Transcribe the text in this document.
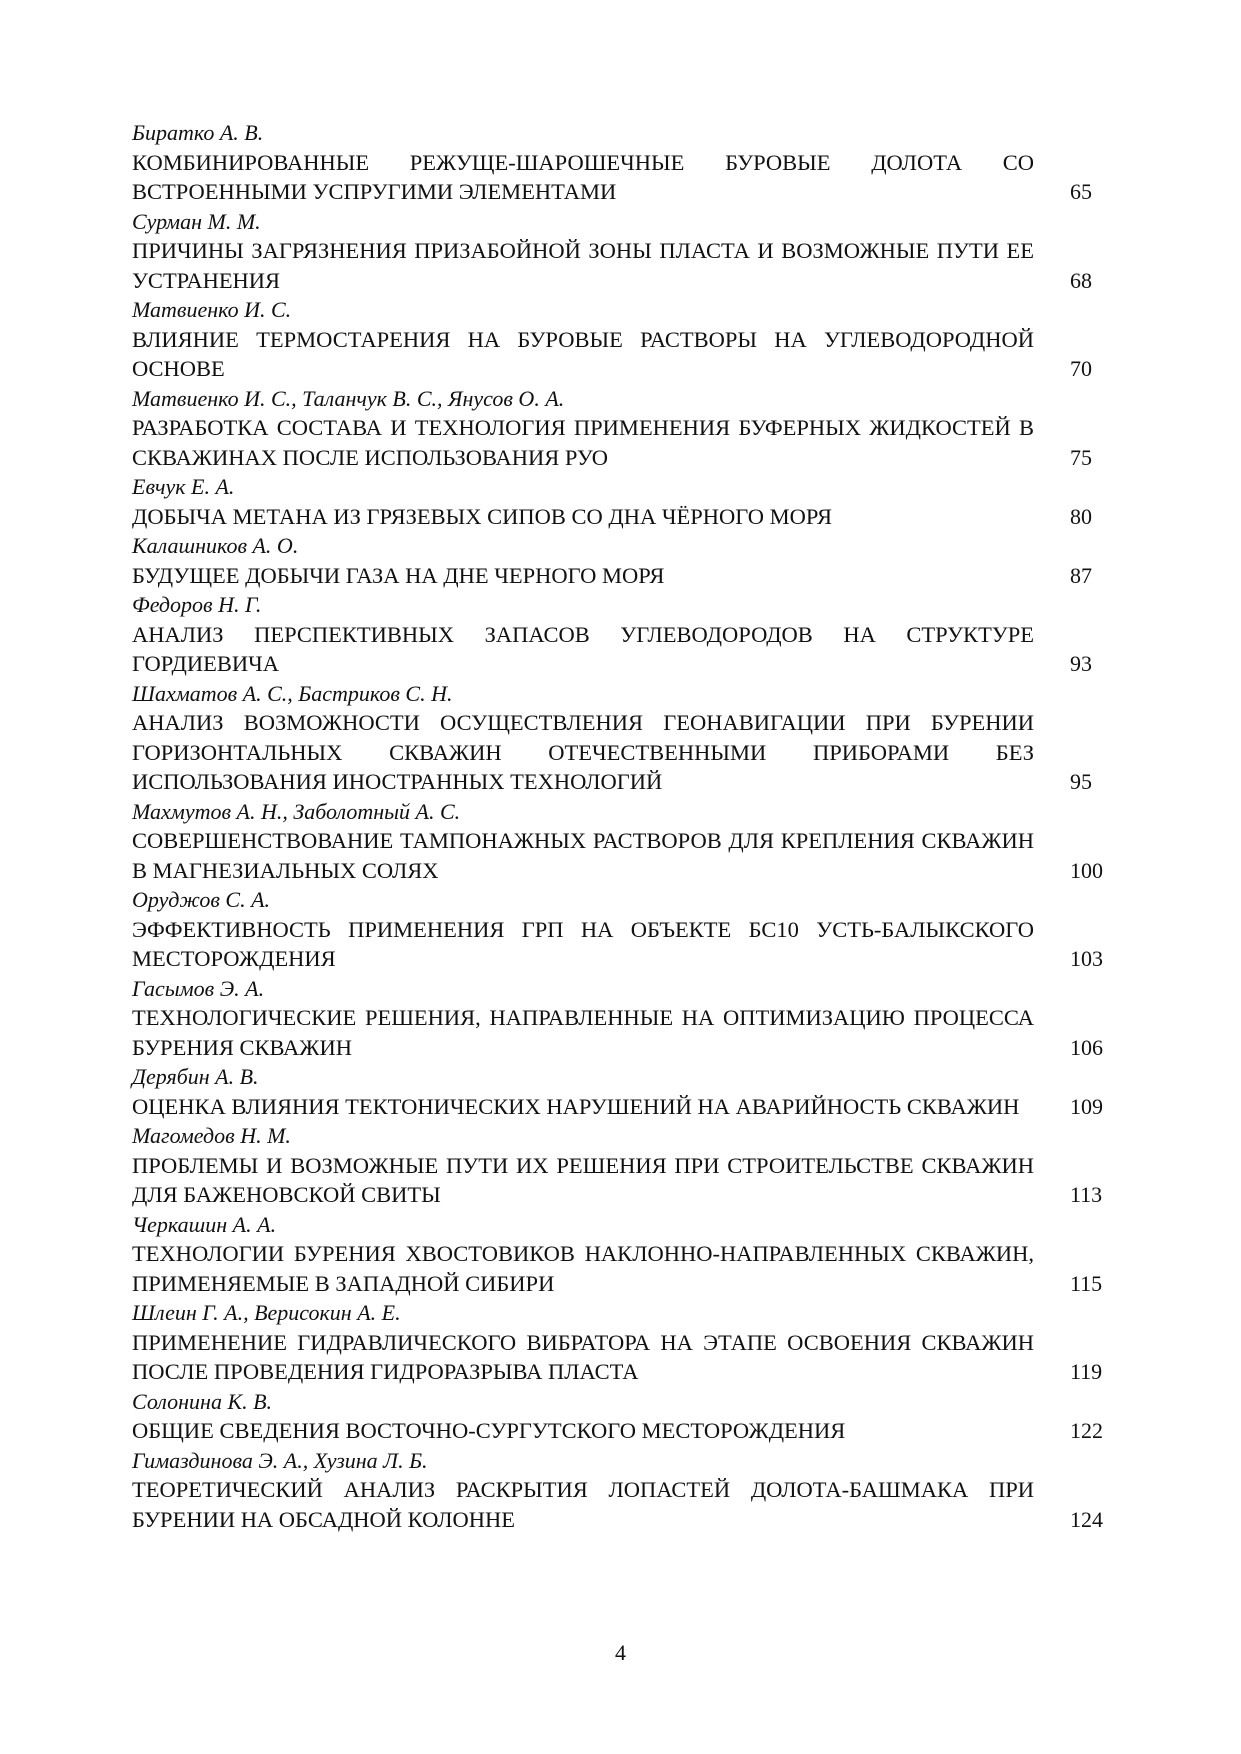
Биратко А. В.
КОМБИНИРОВАННЫЕ РЕЖУЩЕ-ШАРОШЕЧНЫЕ БУРОВЫЕ ДОЛОТА СО ВСТРОЕННЫМИ УСПРУГИМИ ЭЛЕМЕНТАМИ	65
Сурман М. М.
ПРИЧИНЫ ЗАГРЯЗНЕНИЯ ПРИЗАБОЙНОЙ ЗОНЫ ПЛАСТА И ВОЗМОЖНЫЕ ПУТИ ЕЕ УСТРАНЕНИЯ	68
Матвиенко И. С.
ВЛИЯНИЕ ТЕРМОСТАРЕНИЯ НА БУРОВЫЕ РАСТВОРЫ НА УГЛЕВОДОРОДНОЙ ОСНОВЕ	70
Матвиенко И. С., Таланчук В. С., Янусов О. А.
РАЗРАБОТКА СОСТАВА И ТЕХНОЛОГИЯ ПРИМЕНЕНИЯ БУФЕРНЫХ ЖИДКОСТЕЙ В СКВАЖИНАХ ПОСЛЕ ИСПОЛЬЗОВАНИЯ РУО	75
Евчук Е. А.
ДОБЫЧА МЕТАНА ИЗ ГРЯЗЕВЫХ СИПОВ СО ДНА ЧЁРНОГО МОРЯ	80
Калашников А. О.
БУДУЩЕЕ ДОБЫЧИ ГАЗА НА ДНЕ ЧЕРНОГО МОРЯ	87
Федоров Н. Г.
АНАЛИЗ ПЕРСПЕКТИВНЫХ ЗАПАСОВ УГЛЕВОДОРОДОВ НА СТРУКТУРЕ ГОРДИЕВИЧА	93
Шахматов А. С., Бастриков С. Н.
АНАЛИЗ ВОЗМОЖНОСТИ ОСУЩЕСТВЛЕНИЯ ГЕОНАВИГАЦИИ ПРИ БУРЕНИИ ГОРИЗОНТАЛЬНЫХ СКВАЖИН ОТЕЧЕСТВЕННЫМИ ПРИБОРАМИ БЕЗ ИСПОЛЬЗОВАНИЯ ИНОСТРАННЫХ ТЕХНОЛОГИЙ	95
Махмутов А. Н., Заболотный А. С.
СОВЕРШЕНСТВОВАНИЕ ТАМПОНАЖНЫХ РАСТВОРОВ ДЛЯ КРЕПЛЕНИЯ СКВАЖИН В МАГНЕЗИАЛЬНЫХ СОЛЯХ	100
Оруджов С. А.
ЭФФЕКТИВНОСТЬ ПРИМЕНЕНИЯ ГРП НА ОБЪЕКТЕ БС10 УСТЬ-БАЛЫКСКОГО МЕСТОРОЖДЕНИЯ	103
Гасымов Э. А.
ТЕХНОЛОГИЧЕСКИЕ РЕШЕНИЯ, НАПРАВЛЕННЫЕ НА ОПТИМИЗАЦИЮ ПРОЦЕССА БУРЕНИЯ СКВАЖИН	106
Дерябин А. В.
ОЦЕНКА ВЛИЯНИЯ ТЕКТОНИЧЕСКИХ НАРУШЕНИЙ НА АВАРИЙНОСТЬ СКВАЖИН	109
Магомедов Н. М.
ПРОБЛЕМЫ И ВОЗМОЖНЫЕ ПУТИ ИХ РЕШЕНИЯ ПРИ СТРОИТЕЛЬСТВЕ СКВАЖИН ДЛЯ БАЖЕНОВСКОЙ СВИТЫ	113
Черкашин А. А.
ТЕХНОЛОГИИ БУРЕНИЯ ХВОСТОВИКОВ НАКЛОННО-НАПРАВЛЕННЫХ СКВАЖИН, ПРИМЕНЯЕМЫЕ В ЗАПАДНОЙ СИБИРИ	115
Шлеин Г. А., Верисокин А. Е.
ПРИМЕНЕНИЕ ГИДРАВЛИЧЕСКОГО ВИБРАТОРА НА ЭТАПЕ ОСВОЕНИЯ СКВАЖИН ПОСЛЕ ПРОВЕДЕНИЯ ГИДРОРАЗРЫВА ПЛАСТА	119
Солонина К. В.
ОБЩИЕ СВЕДЕНИЯ ВОСТОЧНО-СУРГУТСКОГО МЕСТОРОЖДЕНИЯ	122
Гимаздинова Э. А., Хузина Л. Б.
ТЕОРЕТИЧЕСКИЙ АНАЛИЗ РАСКРЫТИЯ ЛОПАСТЕЙ ДОЛОТА-БАШМАКА ПРИ БУРЕНИИ НА ОБСАДНОЙ КОЛОННЕ	124
4
